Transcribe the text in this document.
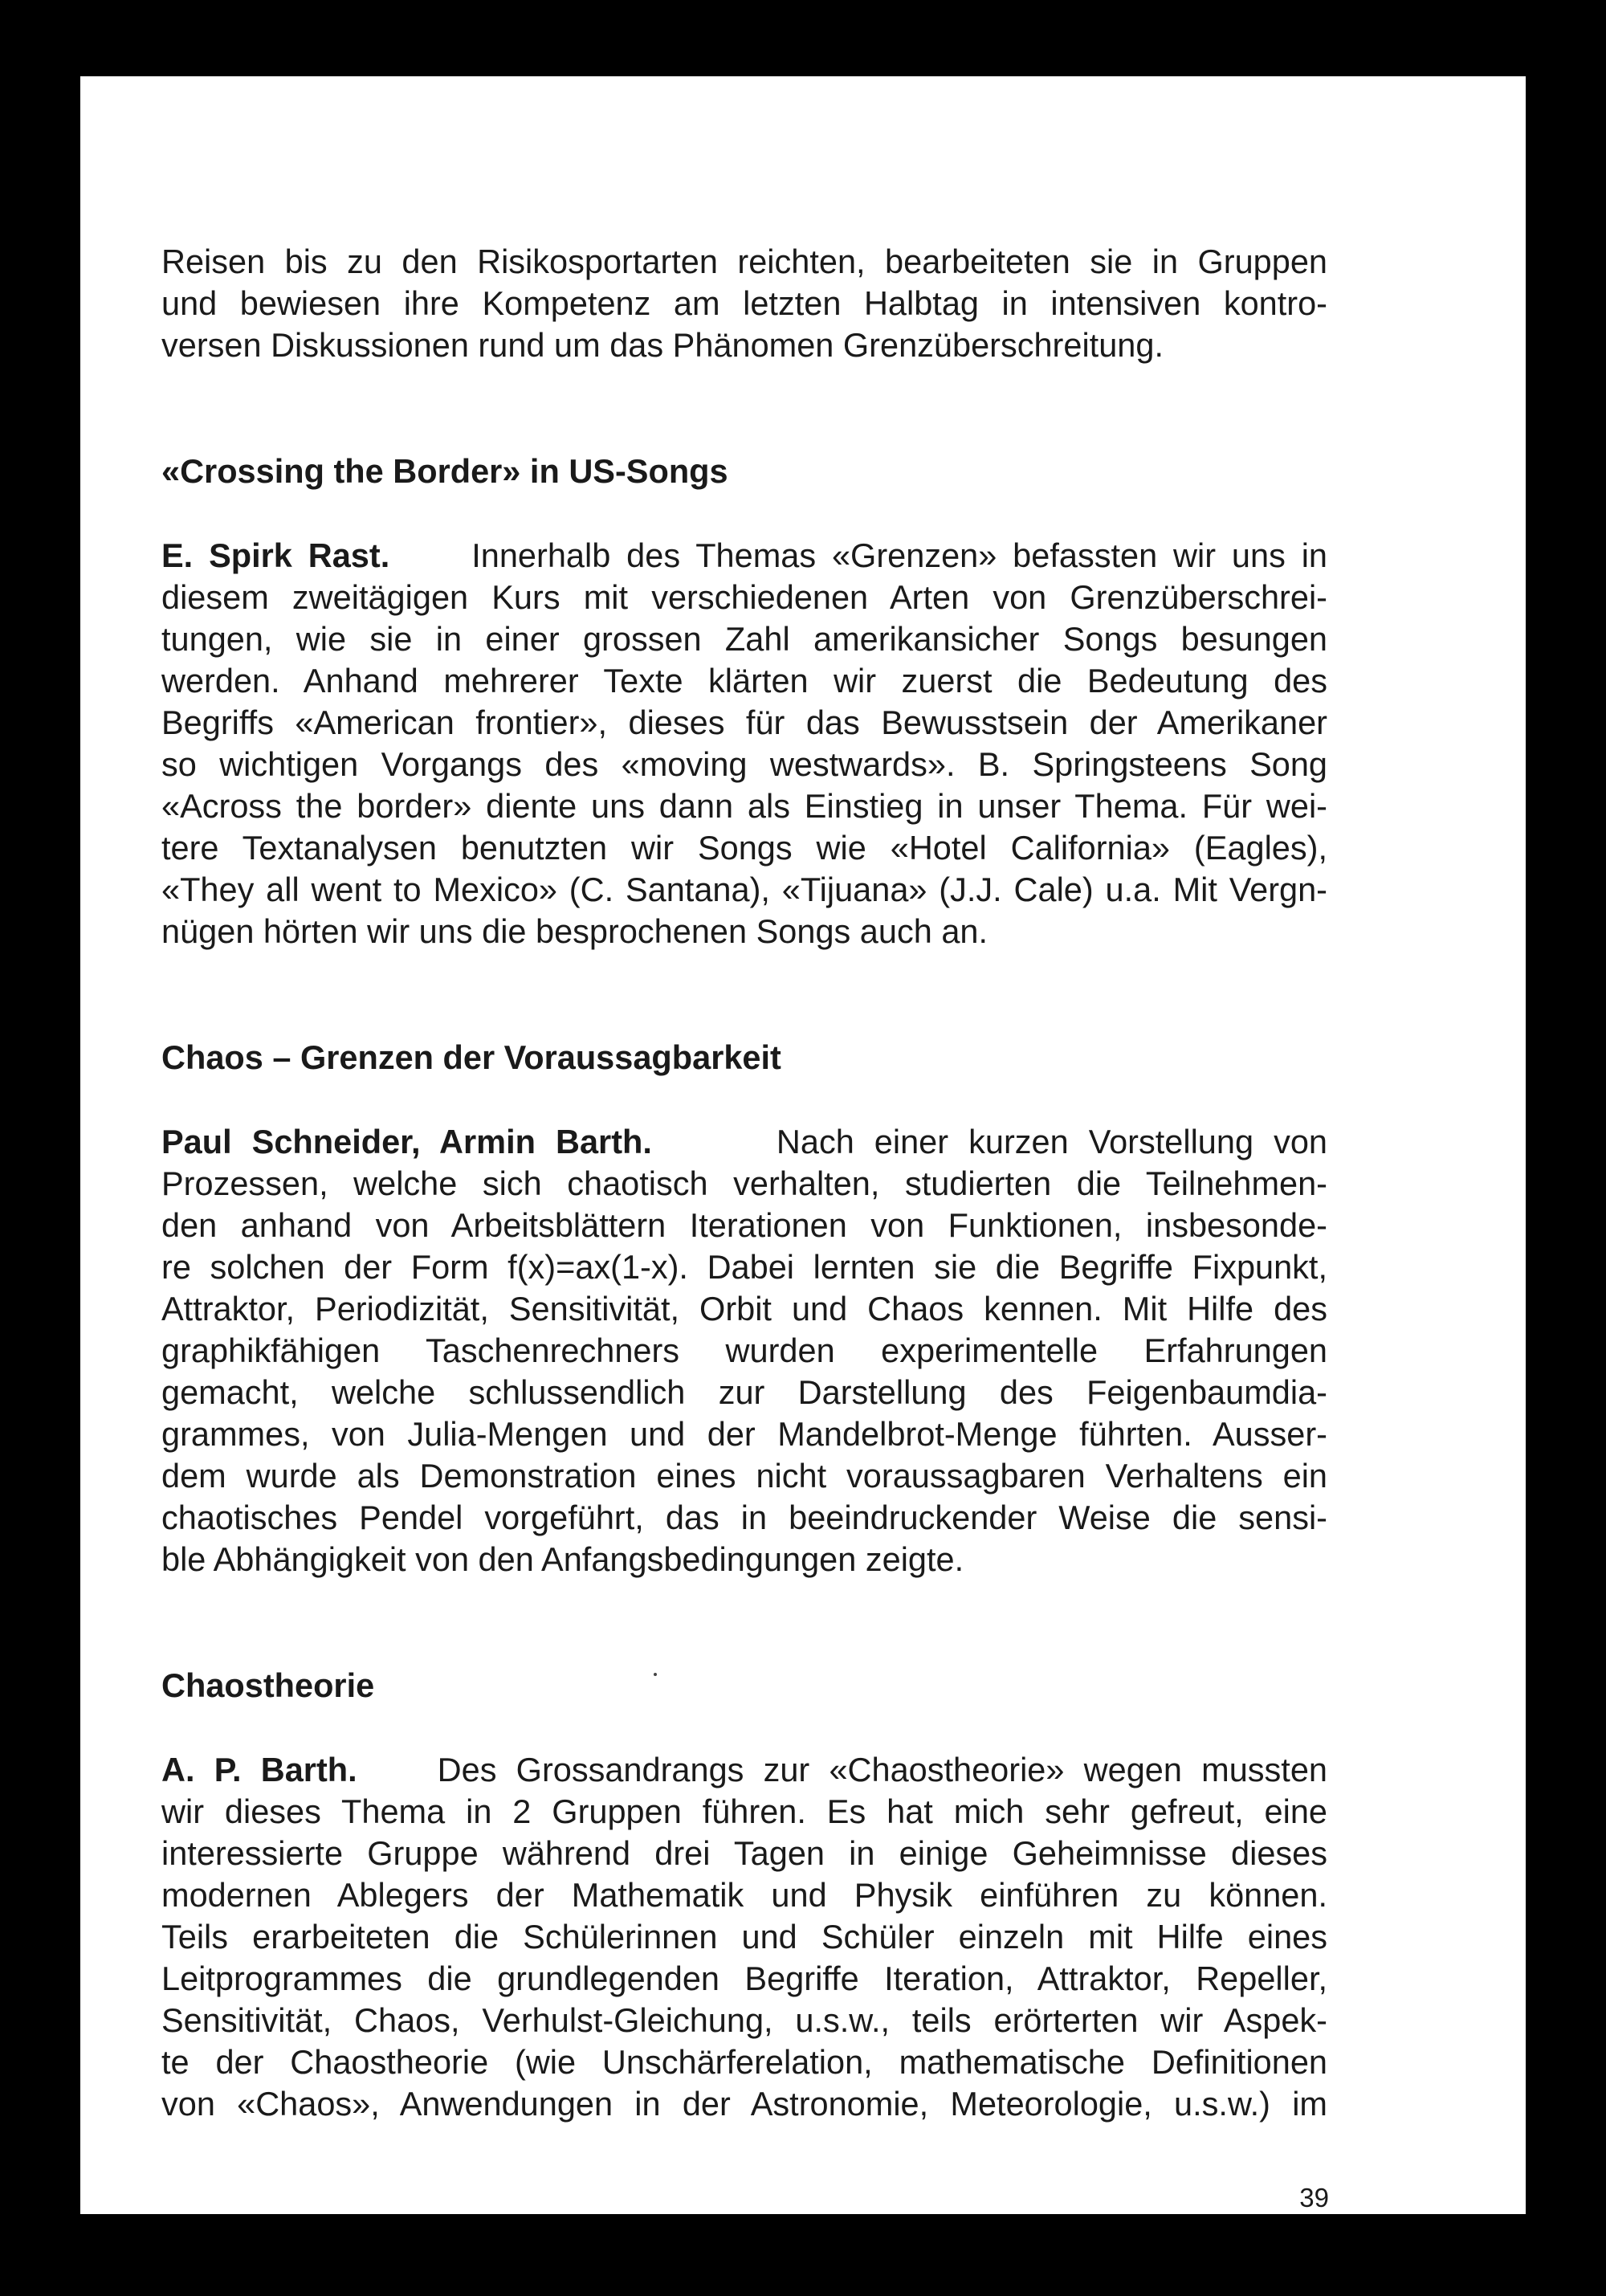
Reisen bis zu den Risikosportarten reichten, bearbeiteten sie in Gruppen
und bewiesen ihre Kompetenz am letzten Halbtag in intensiven kontro-
versen Diskussionen rund um das Phänomen Grenzüberschreitung.

«Crossing the Border» in US-Songs

E. Spirk Rast. Innerhalb des Themas «Grenzen» befassten wir uns in
diesem zweitägigen Kurs mit verschiedenen Arten von Grenzüberschrei-
tungen, wie sie in einer grossen Zahl amerikansicher Songs besungen
werden. Anhand mehrerer Texte klärten wir zuerst die Bedeutung des
Begriffs «American frontier», dieses für das Bewusstsein der Amerikaner
so wichtigen Vorgangs des «moving westwards». B. Springsteens Song
«Across the border» diente uns dann als Einstieg in unser Thema. Für wei-
tere Textanalysen benutzten wir Songs wie «Hotel California» (Eagles),
«They all went to Mexico» (C. Santana), «Tijuana» (J.J. Cale) u.a. Mit Vergn-
nügen hörten wir uns die besprochenen Songs auch an.

Chaos – Grenzen der Voraussagbarkeit

Paul Schneider, Armin Barth.	Nach einer kurzen Vorstellung von
Prozessen, welche sich chaotisch verhalten, studierten die Teilnehmen-
den anhand von Arbeitsblättern Iterationen von Funktionen, insbesonde-
re solchen der Form f(x)=ax(1-x). Dabei lernten sie die Begriffe Fixpunkt,
Attraktor, Periodizität, Sensitivität, Orbit und Chaos kennen. Mit Hilfe des
graphikfähigen Taschenrechners wurden experimentelle Erfahrungen
gemacht, welche schlussendlich zur Darstellung des Feigenbaumdia-
grammes, von Julia-Mengen und der Mandelbrot-Menge führten. Ausser-
dem wurde als Demonstration eines nicht voraussagbaren Verhaltens ein
chaotisches Pendel vorgeführt, das in beeindruckender Weise die sensi-
ble Abhängigkeit von den Anfangsbedingungen zeigte.

Chaostheorie

A. P. Barth. Des Grossandrangs zur «Chaostheorie» wegen mussten
wir dieses Thema in 2 Gruppen führen. Es hat mich sehr gefreut, eine
interessierte Gruppe während drei Tagen in einige Geheimnisse dieses
modernen Ablegers der Mathematik und Physik einführen zu können.
Teils erarbeiteten die Schülerinnen und Schüler einzeln mit Hilfe eines
Leitprogrammes die grundlegenden Begriffe Iteration, Attraktor, Repeller,
Sensitivität, Chaos, Verhulst-Gleichung, u.s.w., teils erörterten wir Aspek-
te der Chaostheorie (wie Unschärferelation, mathematische Definitionen
von «Chaos», Anwendungen in der Astronomie, Meteorologie, u.s.w.) im

39
